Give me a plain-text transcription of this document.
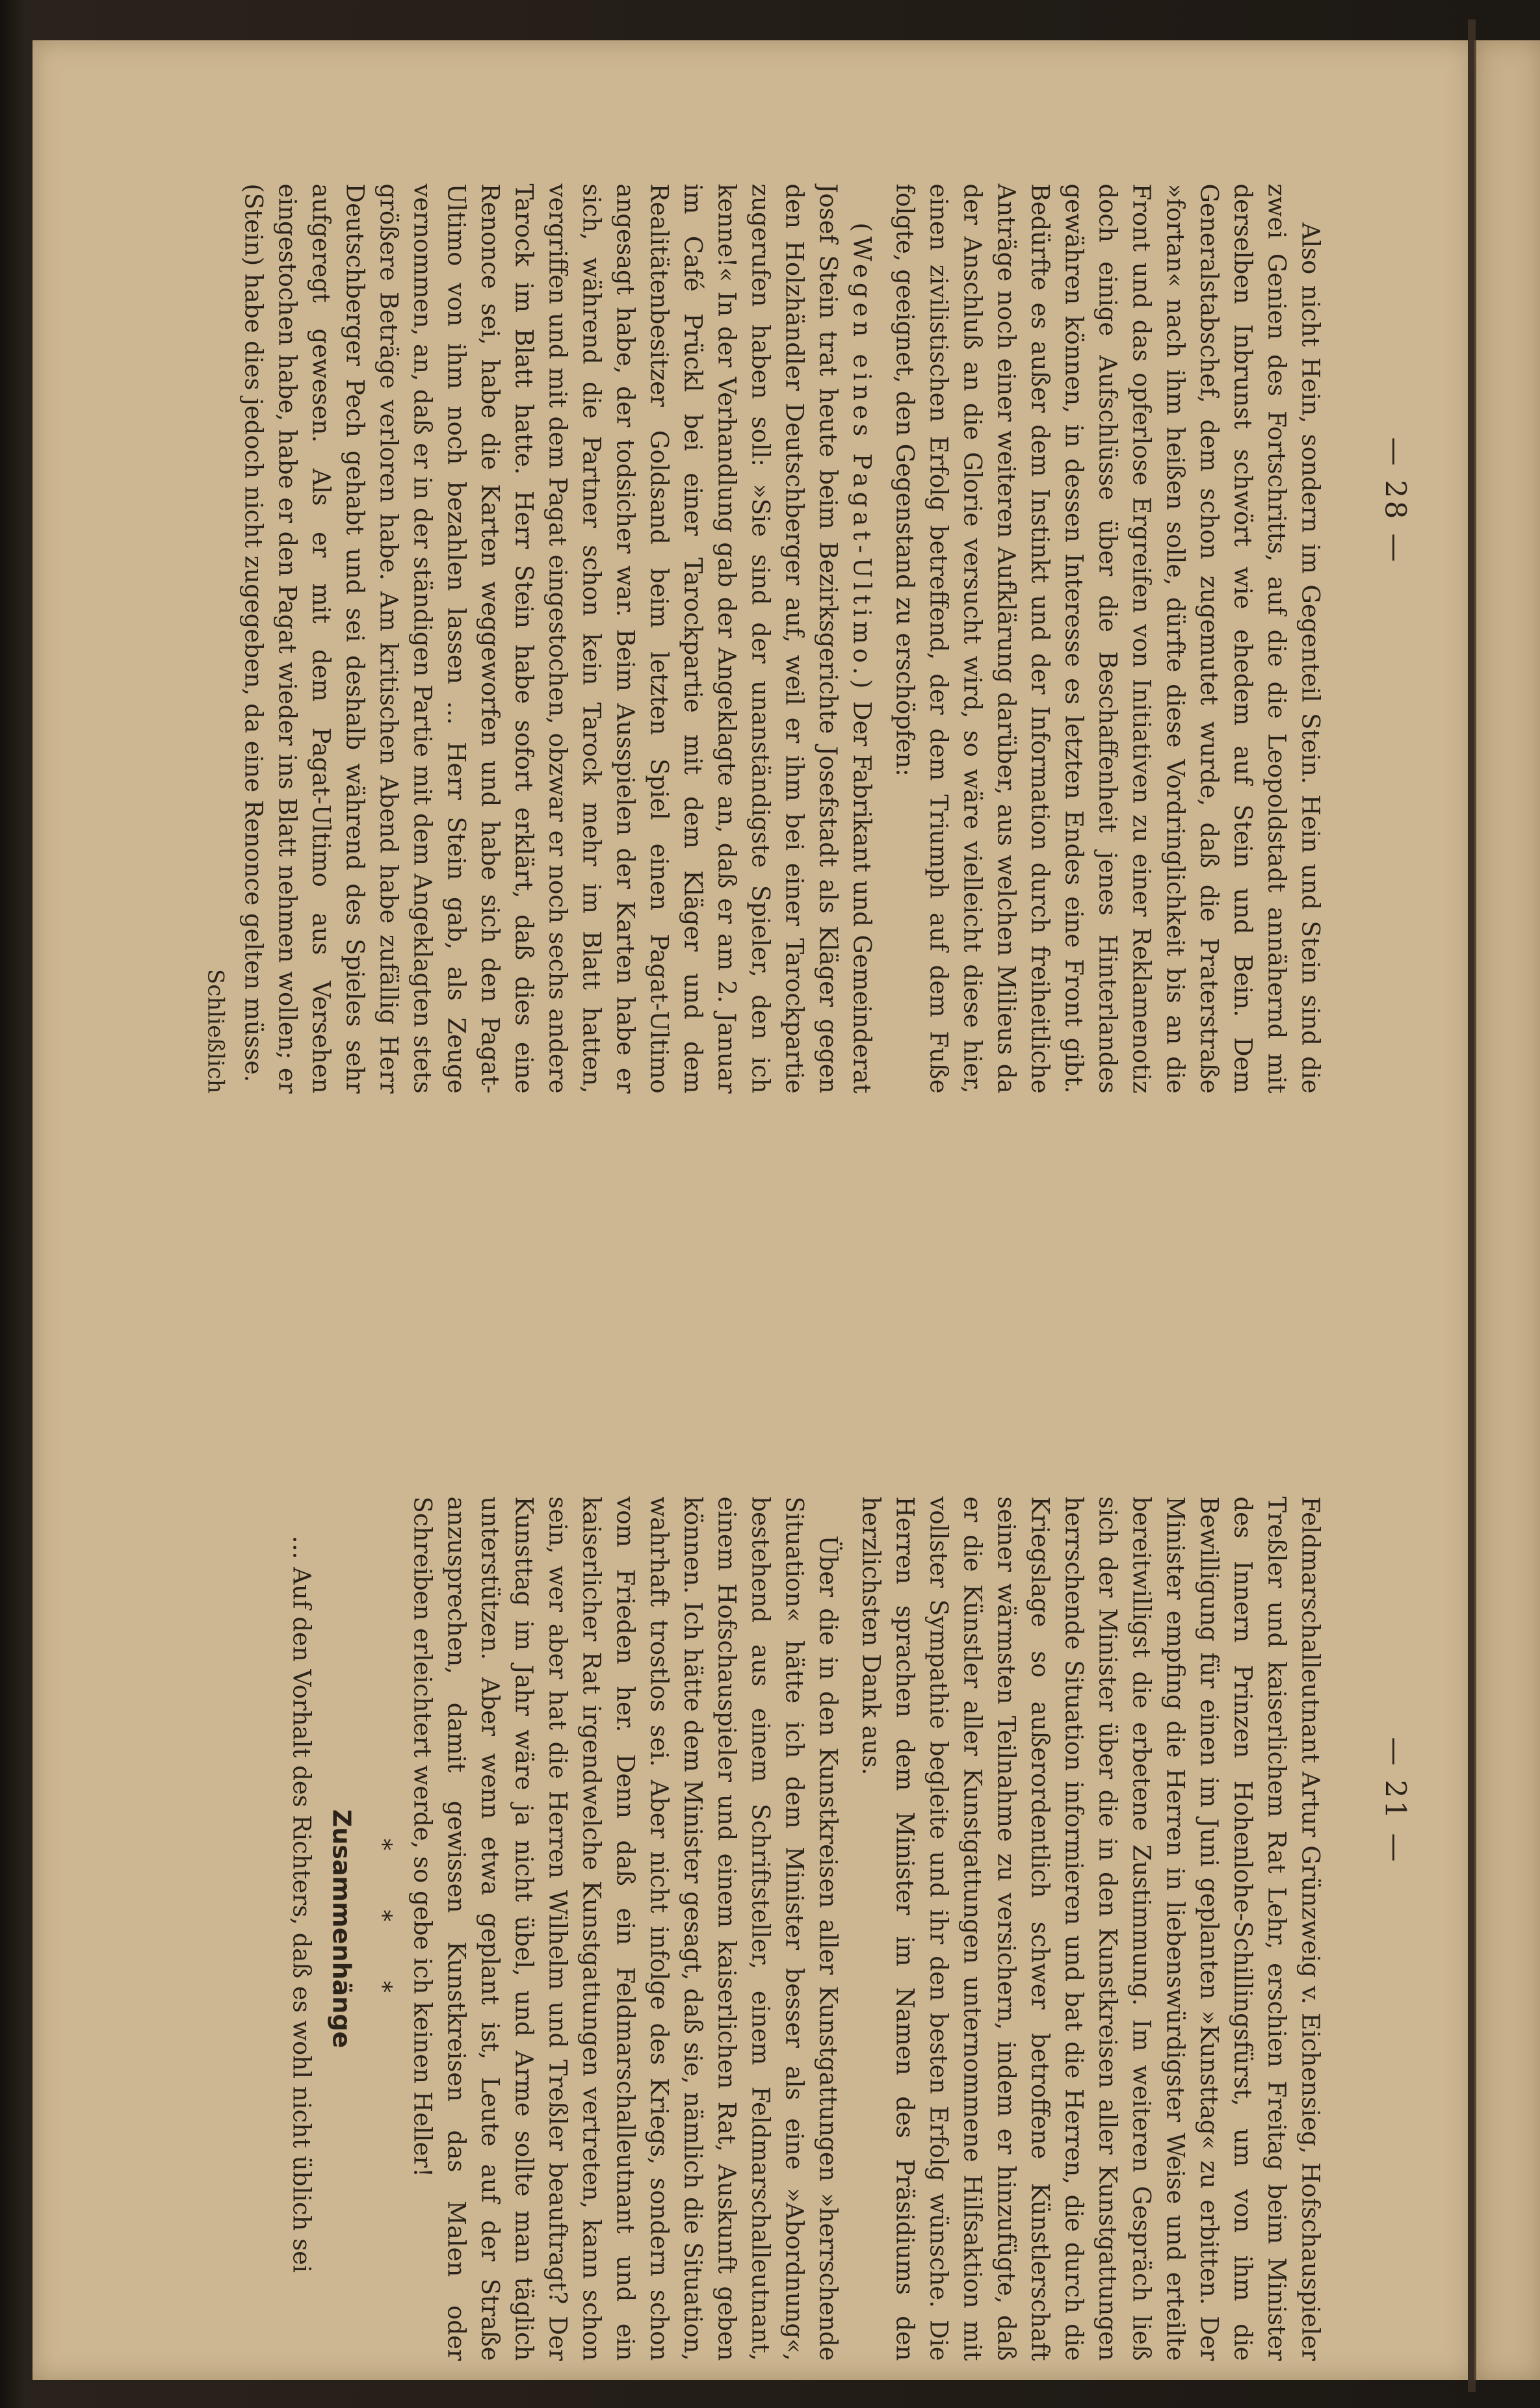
— 28 —
— 21 —

Also nicht Hein, sondern im Gegenteil Stein. Hein und Stein sind die zwei Genien des Fortschritts, auf die die Leopoldstadt annähernd mit derselben Inbrunst schwört wie ehedem auf Stein und Bein. Dem Generalstabschef, dem schon zugemutet wurde, daß die Praterstraße »fortan« nach ihm heißen solle, dürfte diese Vordringlichkeit bis an die Front und das opferlose Ergreifen von Initiativen zu einer Reklamenotiz doch einige Aufschlüsse über die Beschaffenheit jenes Hinterlandes gewähren können, in dessen Interesse es letzten Endes eine Front gibt. Bedürfte es außer dem Instinkt und der Information durch freiheitliche Anträge noch einer weiteren Aufklärung darüber, aus welchen Milieus da der Anschluß an die Glorie versucht wird, so wäre vielleicht diese hier, einen zivilistischen Erfolg betreffend, der dem Triumph auf dem Fuße folgte, geeignet, den Gegenstand zu erschöpfen:

(Wegen eines Pagat-Ultimo.) Der Fabrikant und Gemeinderat Josef Stein trat heute beim Bezirksgerichte Josefstadt als Kläger gegen den Holzhändler Deutschberger auf, weil er ihm bei einer Tarockpartie zugerufen haben soll: »Sie sind der unanständigste Spieler, den ich kenne!« In der Verhandlung gab der Angeklagte an, daß er am 2. Januar im Café Prückl bei einer Tarockpartie mit dem Kläger und dem Realitätenbesitzer Goldsand beim letzten Spiel einen Pagat-Ultimo angesagt habe, der todsicher war. Beim Ausspielen der Karten habe er sich, während die Partner schon kein Tarock mehr im Blatt hatten, vergriffen und mit dem Pagat eingestochen, obzwar er noch sechs andere Tarock im Blatt hatte. Herr Stein habe sofort erklärt, daß dies eine Renonce sei, habe die Karten weggeworfen und habe sich den Pagat-Ultimo von ihm noch bezahlen lassen … Herr Stein gab, als Zeuge vernommen, an, daß er in der ständigen Partie mit dem Angeklagten stets größere Beträge verloren habe. Am kritischen Abend habe zufällig Herr Deutschberger Pech gehabt und sei deshalb während des Spieles sehr aufgeregt gewesen. Als er mit dem Pagat-Ultimo aus Versehen eingestochen habe, habe er den Pagat wieder ins Blatt nehmen wollen; er (Stein) habe dies jedoch nicht zugegeben, da eine Renonce gelten müsse.

Schließlich

Feldmarschalleutnant Artur Grünzweig v. Eichensieg, Hofschauspieler Treßler und kaiserlichem Rat Lehr, erschien Freitag beim Minister des Innern Prinzen Hohenlohe-Schillingsfürst, um von ihm die Bewilligung für einen im Juni geplanten »Kunsttag« zu erbitten. Der Minister empfing die Herren in liebenswürdigster Weise und erteilte bereitwilligst die erbetene Zustimmung. Im weiteren Gespräch ließ sich der Minister über die in den Kunstkreisen aller Kunstgattungen herrschende Situation informieren und bat die Herren, die durch die Kriegslage so außerordentlich schwer betroffene Künstlerschaft seiner wärmsten Teilnahme zu versichern, indem er hinzufügte, daß er die Künstler aller Kunstgattungen unternommene Hilfsaktion mit vollster Sympathie begleite und ihr den besten Erfolg wünsche. Die Herren sprachen dem Minister im Namen des Präsidiums den herzlichsten Dank aus.

Über die in den Kunstkreisen aller Kunstgattungen »herrschende Situation« hätte ich dem Minister besser als eine »Abordnung«, bestehend aus einem Schriftsteller, einem Feldmarschalleutnant, einem Hofschauspieler und einem kaiserlichen Rat, Auskunft geben können. Ich hätte dem Minister gesagt, daß sie, nämlich die Situation, wahrhaft trostlos sei. Aber nicht infolge des Kriegs, sondern schon vom Frieden her. Denn daß ein Feldmarschalleutnant und ein kaiserlicher Rat irgendwelche Kunstgattungen vertreten, kann schon sein, wer aber hat die Herren Wilhelm und Treßler beauftragt? Der Kunsttag im Jahr wäre ja nicht übel, und Arme sollte man täglich unterstützen. Aber wenn etwa geplant ist, Leute auf der Straße anzusprechen, damit gewissen Kunstkreisen das Malen oder Schreiben erleichtert werde, so gebe ich keinen Heller!

* * *
Zusammenhänge

… Auf den Vorhalt des Richters, daß es wohl nicht üblich sei
